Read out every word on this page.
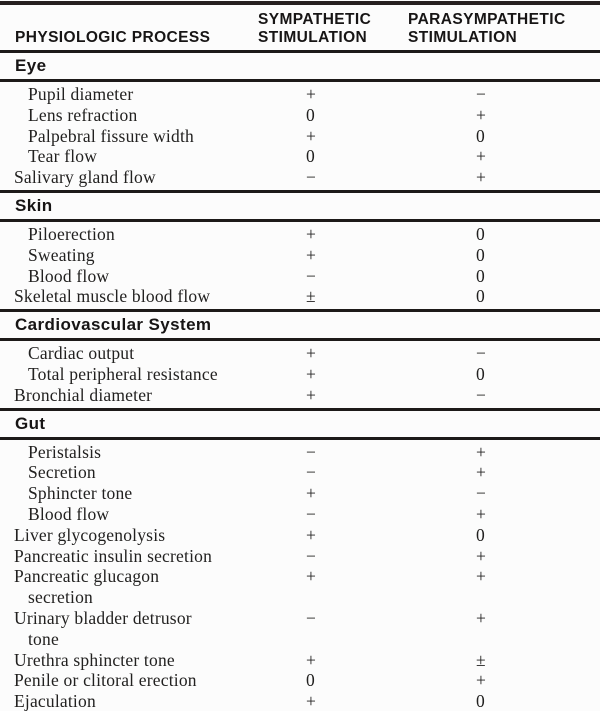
PHYSIOLOGIC PROCESS
SYMPATHETIC STIMULATION
PARASYMPATHETIC STIMULATION
Eye
Pupil diameter	+	−
Lens refraction	0	+
Palpebral fissure width	+	0
Tear flow	0	+
Salivary gland flow	−	+
Skin
Piloerection	+	0
Sweating	+	0
Blood flow	−	0
Skeletal muscle blood flow	±	0
Cardiovascular System
Cardiac output	+	−
Total peripheral resistance	+	0
Bronchial diameter	+	−
Gut
Peristalsis	−	+
Secretion	−	+
Sphincter tone	+	−
Blood flow	−	+
Liver glycogenolysis	+	0
Pancreatic insulin secretion	−	+
Pancreatic glucagon
secretion
+	+
Urinary bladder detrusor
tone
−	+
Urethra sphincter tone	+	±
Penile or clitoral erection	0	+
Ejaculation	+	0
